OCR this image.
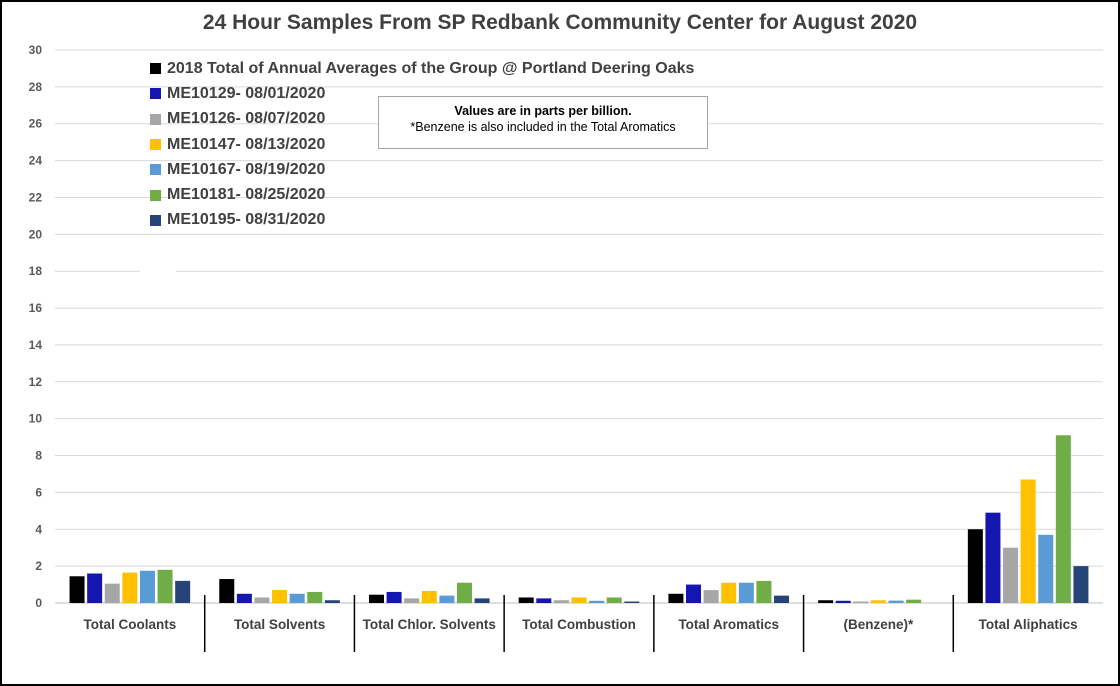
0
2
4
6
8
10
12
14
16
18
20
22
24
26
28
30
Total Coolants	Total Solvents	Total Chlor. Solvents Total Combustion	Total Aromatics	(Benzene)*	Total Aliphatics
24 Hour Samples From SP Redbank Community Center for August 2020
2018 Total of Annual Averages of the Group @ Portland Deering Oaks
ME10129- 08/01/2020
ME10126- 08/07/2020
ME10147- 08/13/2020
ME10167- 08/19/2020
ME10181- 08/25/2020
ME10195- 08/31/2020
Values are in parts per billion.
*Benzene is also included in the Total Aromatics
